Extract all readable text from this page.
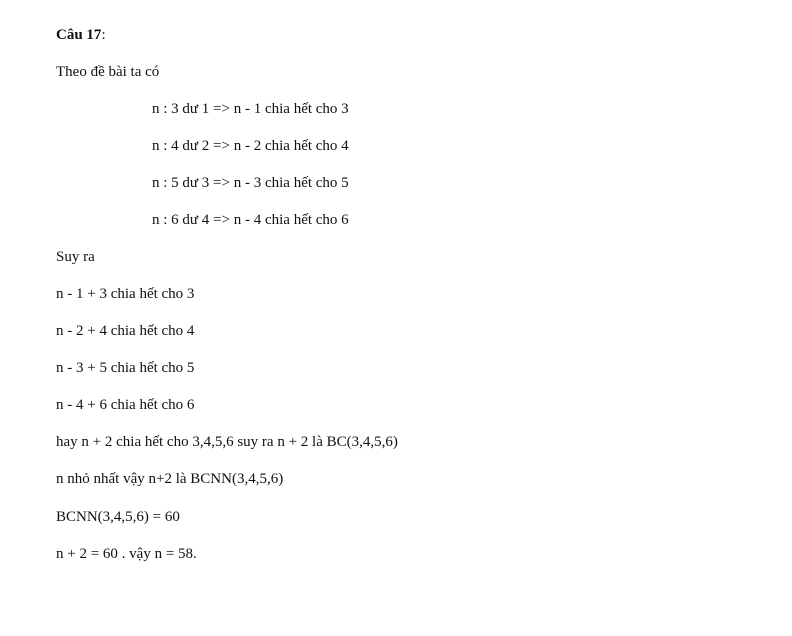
Câu 17:
Theo đề bài ta có
n : 3 dư 1 => n - 1 chia hết cho 3
n : 4 dư 2 => n - 2 chia hết cho 4
n : 5 dư 3 => n - 3 chia hết cho 5
n : 6 dư 4 => n - 4 chia hết cho 6
Suy ra
n - 1 + 3 chia hết cho 3
n - 2 + 4 chia hết cho 4
n - 3 + 5 chia hết cho 5
n - 4 + 6 chia hết cho 6
hay n + 2 chia hết cho 3,4,5,6 suy ra n + 2 là BC(3,4,5,6)
n nhỏ nhất vậy n+2 là BCNN(3,4,5,6)
BCNN(3,4,5,6) = 60
n + 2 = 60 . vậy n = 58.
